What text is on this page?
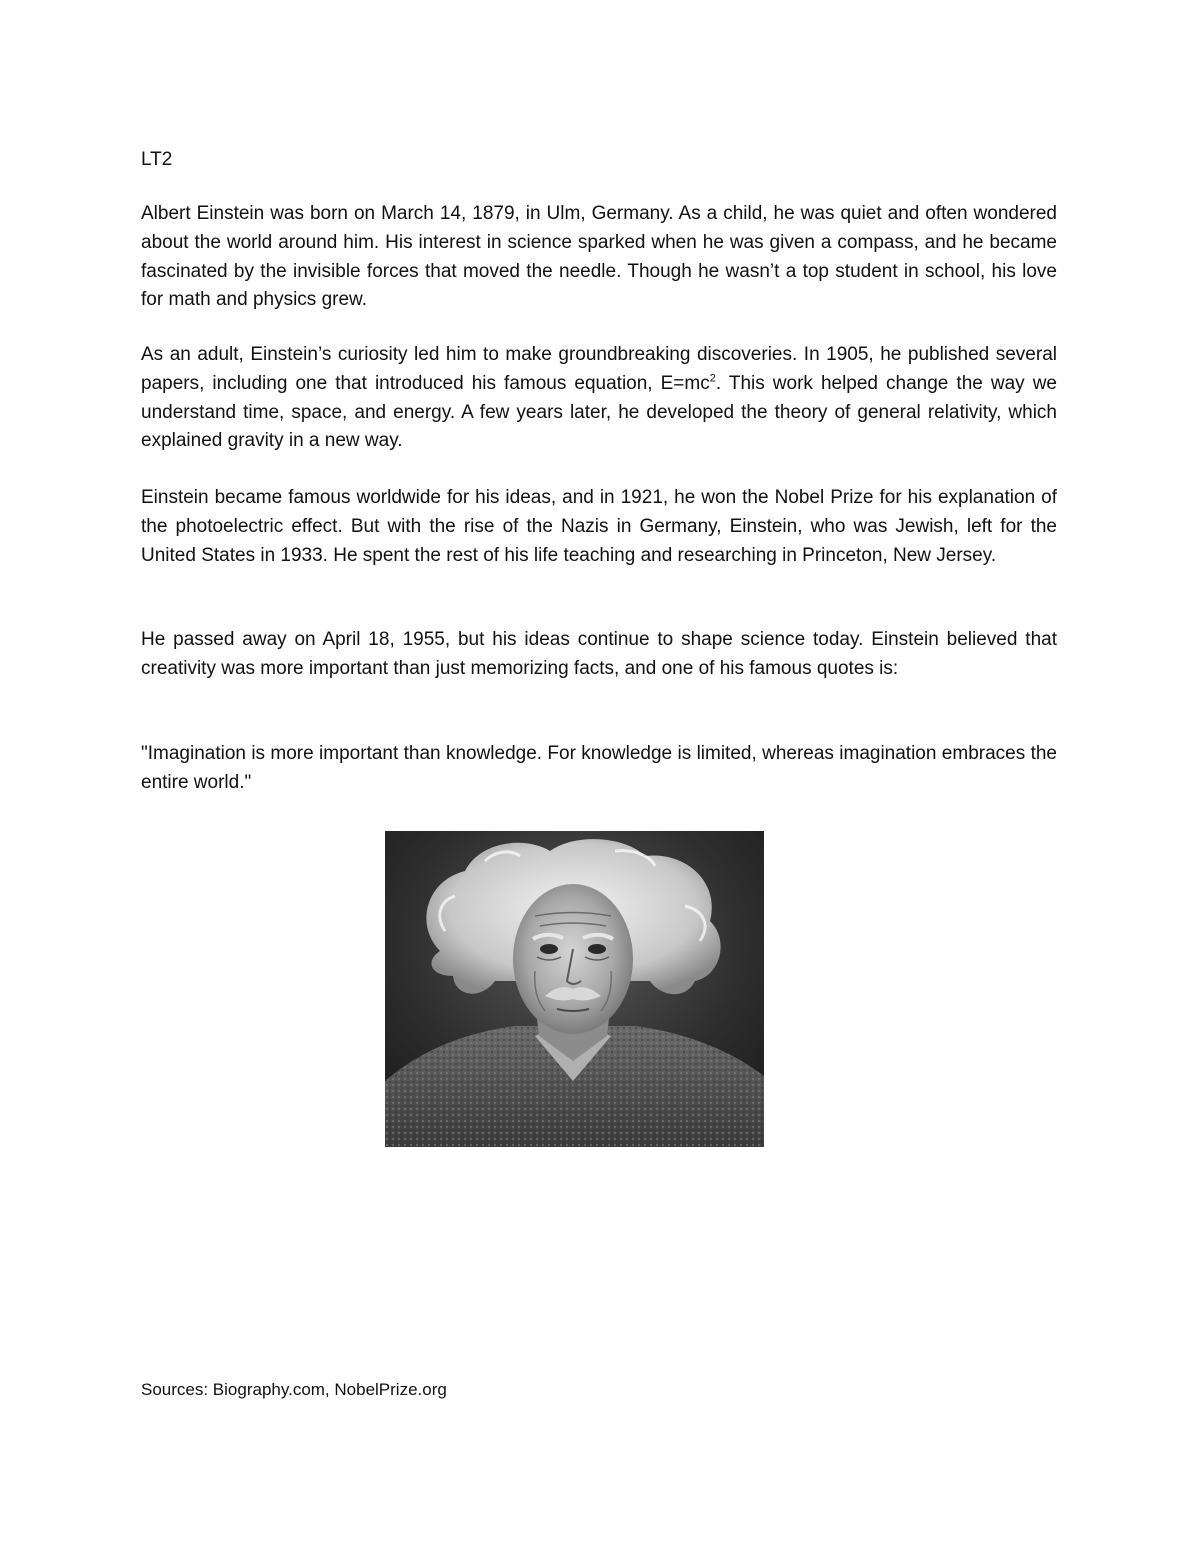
LT2

Albert Einstein was born on March 14, 1879, in Ulm, Germany. As a child, he was quiet and often wondered about the world around him. His interest in science sparked when he was given a compass, and he became fascinated by the invisible forces that moved the needle. Though he wasn’t a top student in school, his love for math and physics grew.

As an adult, Einstein’s curiosity led him to make groundbreaking discoveries. In 1905, he published several papers, including one that introduced his famous equation, $E=mc^2$. This work helped change the way we understand time, space, and energy. A few years later, he developed the theory of general relativity, which explained gravity in a new way.

Einstein became famous worldwide for his ideas, and in 1921, he won the Nobel Prize for his explanation of the photoelectric effect. But with the rise of the Nazis in Germany, Einstein, who was Jewish, left for the United States in 1933. He spent the rest of his life teaching and researching in Princeton, New Jersey.

He passed away on April 18, 1955, but his ideas continue to shape science today. Einstein believed that creativity was more important than just memorizing facts, and one of his famous quotes is:

"Imagination is more important than knowledge. For knowledge is limited, whereas imagination embraces the entire world."

Sources: Biography.com, NobelPrize.org
